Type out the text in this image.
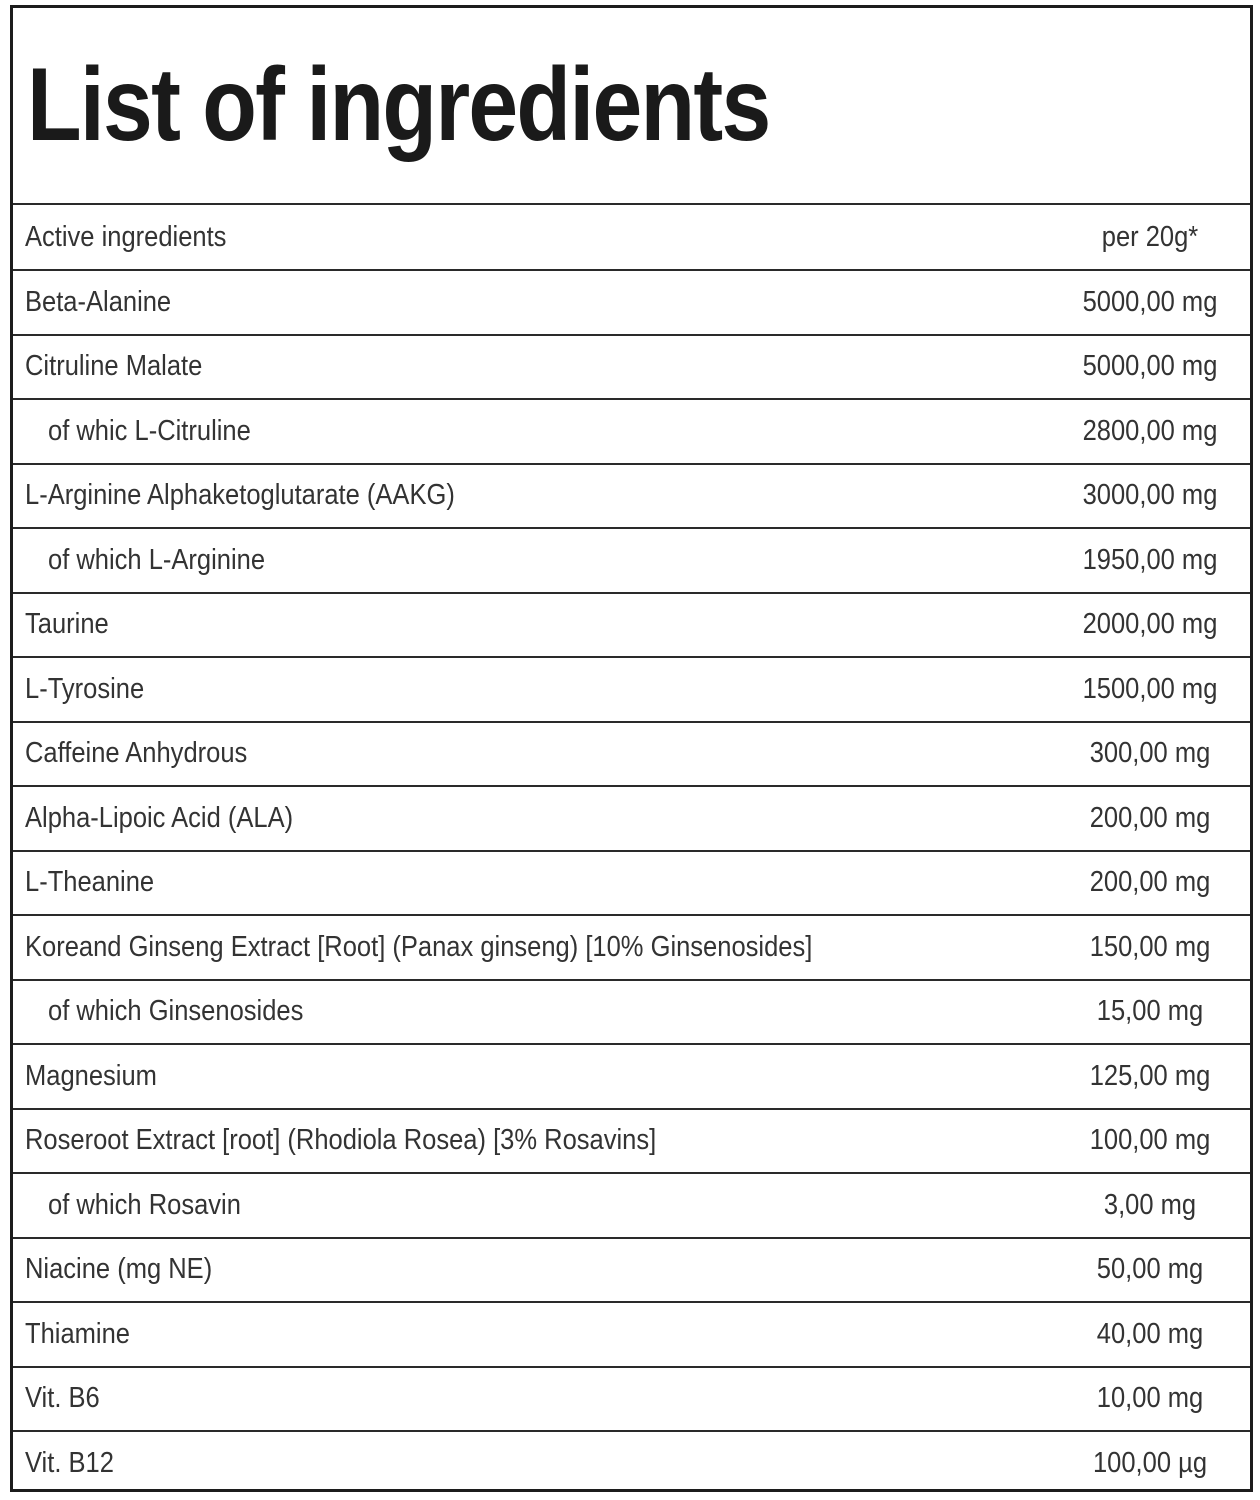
List of ingredients
Active ingredients	per 20g*
Beta-Alanine	5000,00 mg
Citruline Malate	5000,00 mg
of whic L-Citruline	2800,00 mg
L-Arginine Alphaketoglutarate (AAKG)	3000,00 mg
of which L-Arginine	1950,00 mg
Taurine	2000,00 mg
L-Tyrosine	1500,00 mg
Caffeine Anhydrous	300,00 mg
Alpha-Lipoic Acid (ALA)	200,00 mg
L-Theanine	200,00 mg
Koreand Ginseng Extract [Root] (Panax ginseng) [10% Ginsenosides]	150,00 mg
of which Ginsenosides	15,00 mg
Magnesium	125,00 mg
Roseroot Extract [root] (Rhodiola Rosea) [3% Rosavins]	100,00 mg
of which Rosavin	3,00 mg
Niacine (mg NE)	50,00 mg
Thiamine	40,00 mg
Vit. B6	10,00 mg
Vit. B12	100,00 µg
